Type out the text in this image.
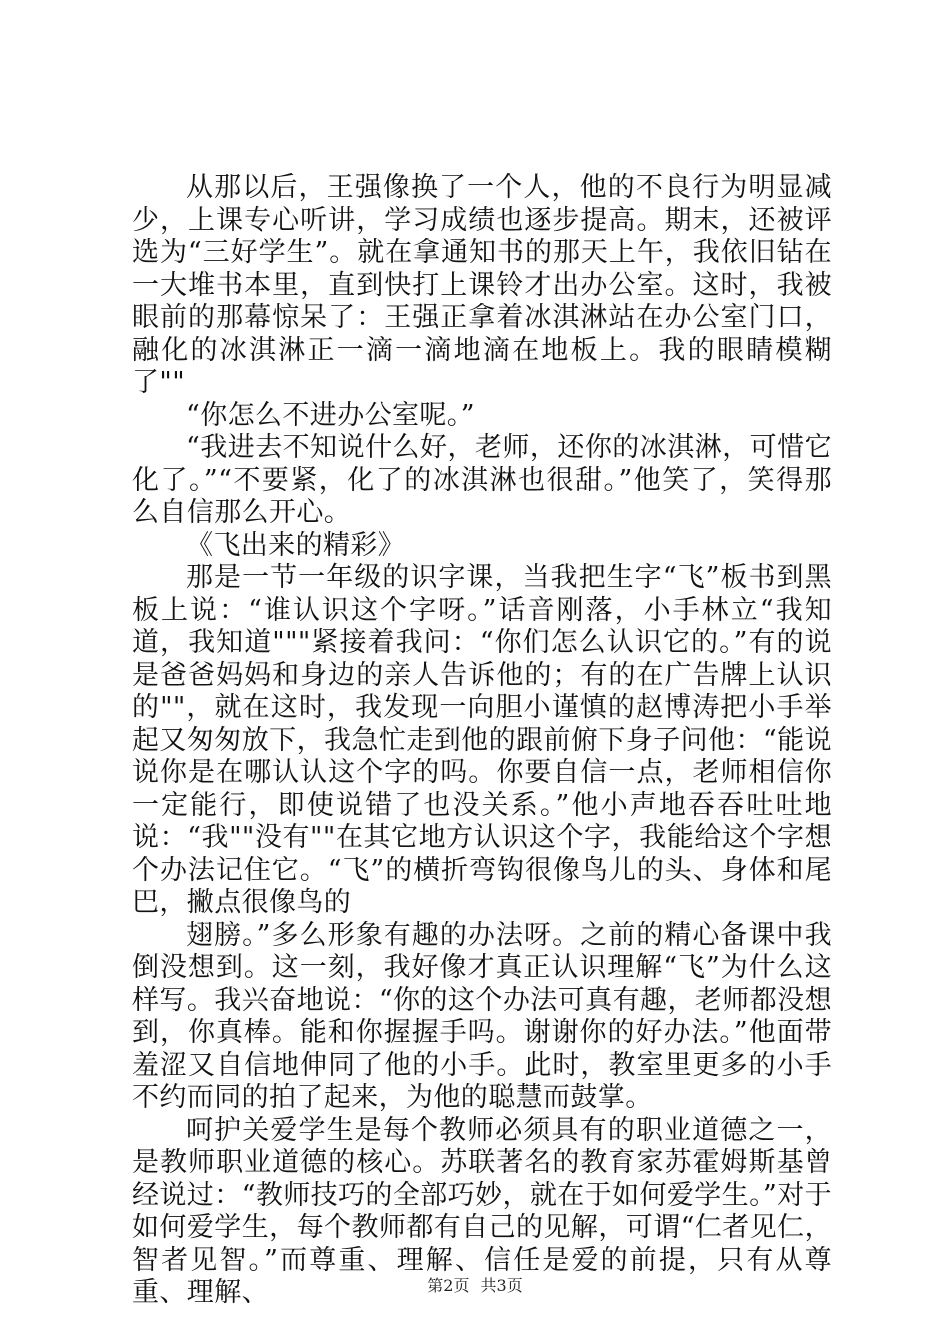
从那以后，王强像换了一个人，他的不良行为明显减少，上课专心听讲，学习成绩也逐步提高。期末，还被评选为“三好学生”。就在拿通知书的那天上午，我依旧钻在一大堆书本里，直到快打上课铃才出办公室。这时，我被眼前的那幕惊呆了：王强正拿着冰淇淋站在办公室门口，融化的冰淇淋正一滴一滴地滴在地板上。我的眼睛模糊了""

“你怎么不进办公室呢。”

“我进去不知说什么好，老师，还你的冰淇淋，可惜它化了。”“不要紧，化了的冰淇淋也很甜。”他笑了，笑得那么自信那么开心。

《飞出来的精彩》

那是一节一年级的识字课，当我把生字“飞”板书到黑板上说：“谁认识这个字呀。”话音刚落，小手林立“我知道，我知道"""紧接着我问：“你们怎么认识它的。”有的说是爸爸妈妈和身边的亲人告诉他的；有的在广告牌上认识的""，就在这时，我发现一向胆小谨慎的赵博涛把小手举起又匆匆放下，我急忙走到他的跟前俯下身子问他：“能说说你是在哪认认这个字的吗。你要自信一点，老师相信你一定能行，即使说错了也没关系。”他小声地吞吞吐吐地说：“我""没有""在其它地方认识这个字，我能给这个字想个办法记住它。“飞”的横折弯钩很像鸟儿的头、身体和尾巴，撇点很像鸟的

翅膀。”多么形象有趣的办法呀。之前的精心备课中我倒没想到。这一刻，我好像才真正认识理解“飞”为什么这样写。我兴奋地说：“你的这个办法可真有趣，老师都没想到，你真棒。能和你握握手吗。谢谢你的好办法。”他面带羞涩又自信地伸同了他的小手。此时，教室里更多的小手不约而同的拍了起来，为他的聪慧而鼓掌。

呵护关爱学生是每个教师必须具有的职业道德之一，是教师职业道德的核心。苏联著名的教育家苏霍姆斯基曾经说过：“教师技巧的全部巧妙，就在于如何爱学生。”对于如何爱学生，每个教师都有自己的见解，可谓“仁者见仁，智者见智。”而尊重、理解、信任是爱的前提，只有从尊重、理解、	第2页 共3页
